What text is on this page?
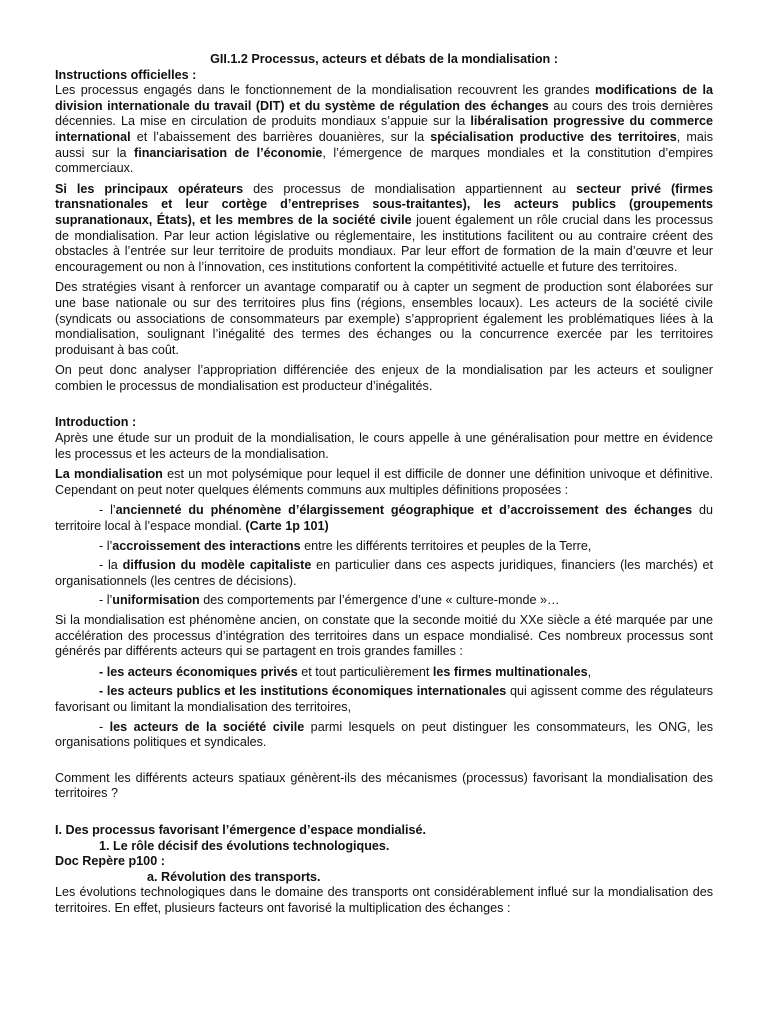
GII.1.2 Processus, acteurs et débats de la mondialisation :

Instructions officielles :

Les processus engagés dans le fonctionnement de la mondialisation recouvrent les grandes modifications de la division internationale du travail (DIT) et du système de régulation des échanges au cours des trois dernières décennies. La mise en circulation de produits mondiaux s’appuie sur la libéralisation progressive du commerce international et l’abaissement des barrières douanières, sur la spécialisation productive des territoires, mais aussi sur la financiarisation de l’économie, l’émergence de marques mondiales et la constitution d’empires commerciaux.

Si les principaux opérateurs des processus de mondialisation appartiennent au secteur privé (firmes transnationales et leur cortège d’entreprises sous-traitantes), les acteurs publics (groupements supranationaux, États), et les membres de la société civile jouent également un rôle crucial dans les processus de mondialisation. Par leur action législative ou réglementaire, les institutions facilitent ou au contraire créent des obstacles à l’entrée sur leur territoire de produits mondiaux. Par leur effort de formation de la main d’œuvre et leur encouragement ou non à l’innovation, ces institutions confortent la compétitivité actuelle et future des territoires.

Des stratégies visant à renforcer un avantage comparatif ou à capter un segment de production sont élaborées sur une base nationale ou sur des territoires plus fins (régions, ensembles locaux). Les acteurs de la société civile (syndicats ou associations de consommateurs par exemple) s’approprient également les problématiques liées à la mondialisation, soulignant l’inégalité des termes des échanges ou la concurrence exercée par les territoires produisant à bas coût.

On peut donc analyser l’appropriation différenciée des enjeux de la mondialisation par les acteurs et souligner combien le processus de mondialisation est producteur d’inégalités.

Introduction :

Après une étude sur un produit de la mondialisation, le cours appelle à une généralisation pour mettre en évidence les processus et les acteurs de la mondialisation.

La mondialisation est un mot polysémique pour lequel il est difficile de donner une définition univoque et définitive. Cependant on peut noter quelques éléments communs aux multiples définitions proposées :

- l’ancienneté du phénomène d’élargissement géographique et d’accroissement des échanges du territoire local à l’espace mondial. (Carte 1p 101)

- l’accroissement des interactions entre les différents territoires et peuples de la Terre,

- la diffusion du modèle capitaliste en particulier dans ces aspects juridiques, financiers (les marchés) et organisationnels (les centres de décisions).

- l’uniformisation des comportements par l’émergence d’une « culture-monde »…

Si la mondialisation est phénomène ancien, on constate que la seconde moitié du XXe siècle a été marquée par une accélération des processus d’intégration des territoires dans un espace mondialisé. Ces nombreux processus sont générés par différents acteurs qui se partagent en trois grandes familles :

- les acteurs économiques privés et tout particulièrement les firmes multinationales,

- les acteurs publics et les institutions économiques internationales qui agissent comme des régulateurs favorisant ou limitant la mondialisation des territoires,

- les acteurs de la société civile parmi lesquels on peut distinguer les consommateurs, les ONG, les organisations politiques et syndicales.

Comment les différents acteurs spatiaux génèrent-ils des mécanismes (processus) favorisant la mondialisation des territoires ?

I. Des processus favorisant l’émergence d’espace mondialisé.

1. Le rôle décisif des évolutions technologiques.

Doc Repère p100 :

a. Révolution des transports.

Les évolutions technologiques dans le domaine des transports ont considérablement influé sur la mondialisation des territoires. En effet, plusieurs facteurs ont favorisé la multiplication des échanges :
